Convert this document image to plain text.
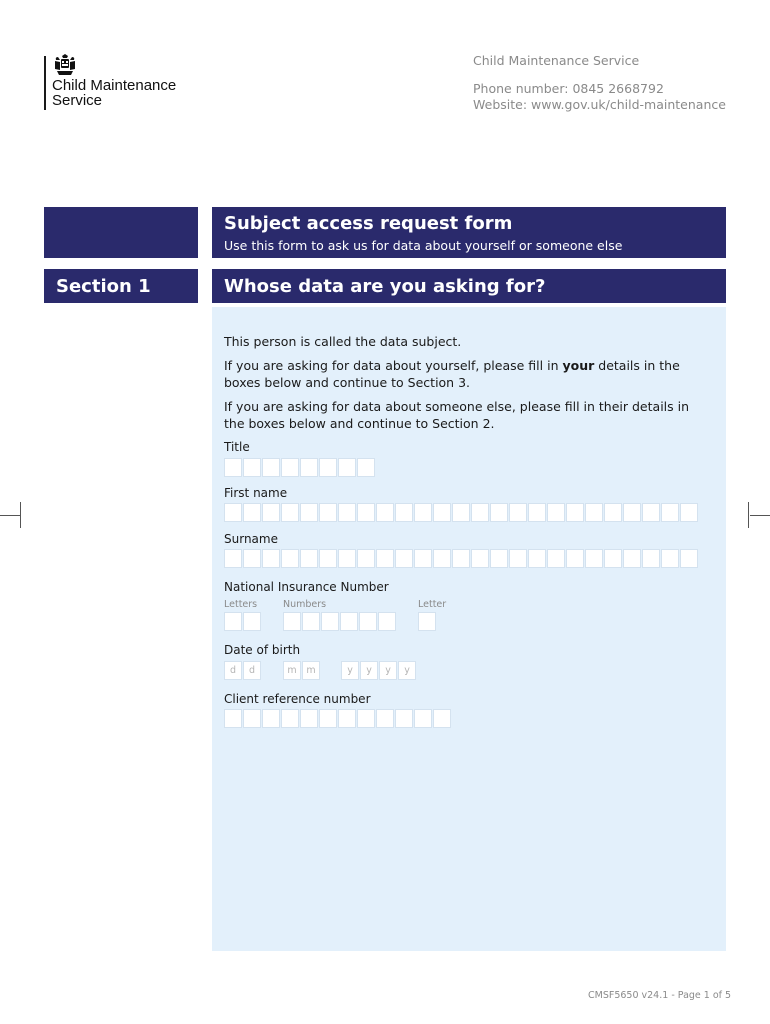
Child Maintenance
Service
Child Maintenance Service
Phone number: 0845 2668792
Website: www.gov.uk/child-maintenance
Subject access request form
Use this form to ask us for data about yourself or someone else
Section 1	Whose data are you asking for?
This person is called the data subject.
If you are asking for data about yourself, please fill in your details in the
boxes below and continue to Section 3.
If you are asking for data about someone else, please fill in their details in
the boxes below and continue to Section 2.
Title
First name
Surname
National Insurance Number
Letters	Numbers	Letter
Date of birth
d	d	m	m	y	y	y	y
Client reference number
CMSF5650 v24.1 - Page 1 of 5
